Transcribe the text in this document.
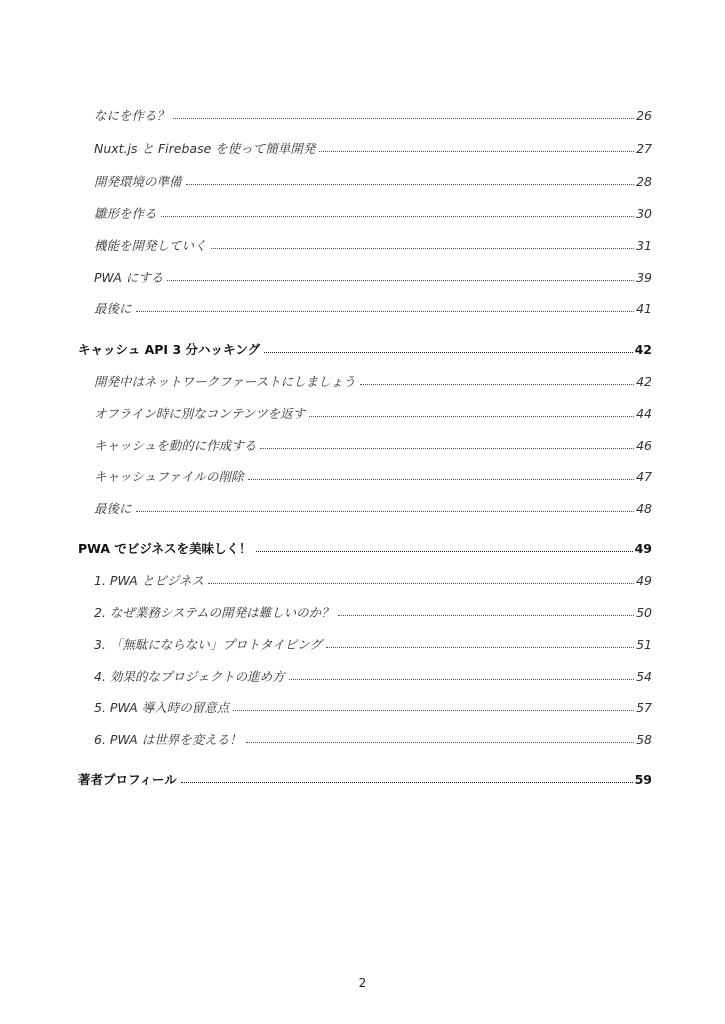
なにを作る？	26
Nuxt.js と Firebase を使って簡単開発	27
開発環境の準備	28
雛形を作る	30
機能を開発していく	31
PWA にする	39
最後に	41
キャッシュ API 3 分ハッキング	42
開発中はネットワークファーストにしましょう	42
オフライン時に別なコンテンツを返す	44
キャッシュを動的に作成する	46
キャッシュファイルの削除	47
最後に	48
PWA でビジネスを美味しく！	49
1. PWA とビジネス	49
2. なぜ業務システムの開発は難しいのか？	50
3. 「無駄にならない」プロトタイピング	51
4. 効果的なプロジェクトの進め方	54
5. PWA 導入時の留意点	57
6. PWA は世界を変える！	58
著者プロフィール	59
2
